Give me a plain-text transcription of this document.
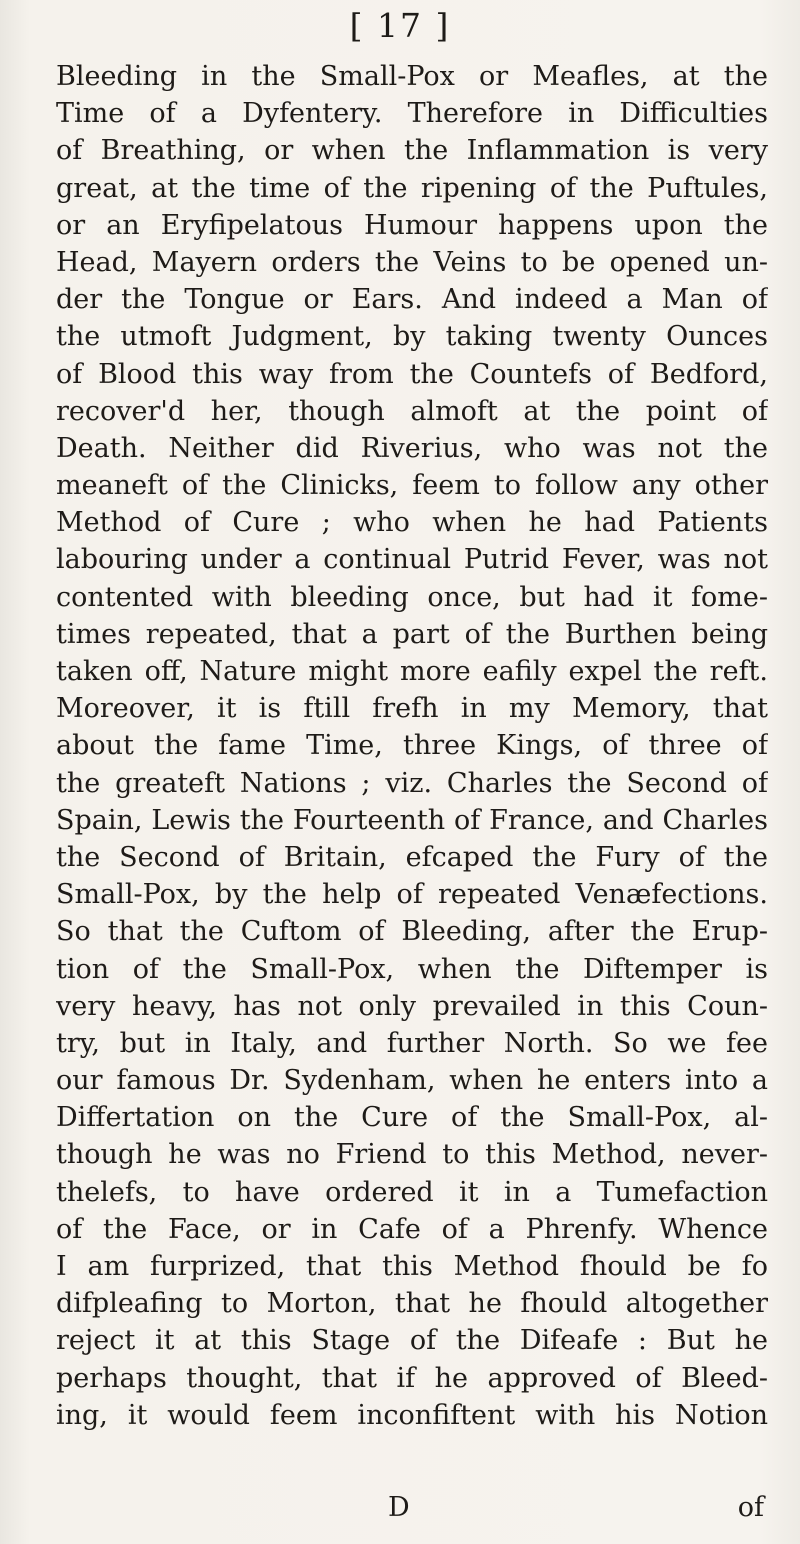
[ 17 ]
Bleeding in the Small-Pox or Meafles, at the
Time of a Dyfentery. Therefore in Difficulties
of Breathing, or when the Inflammation is very
great, at the time of the ripening of the Puftules,
or an Eryfipelatous Humour happens upon the
Head, Mayern orders the Veins to be opened un-
der the Tongue or Ears. And indeed a Man of
the utmoft Judgment, by taking twenty Ounces
of Blood this way from the Countefs of Bedford,
recover'd her, though almoft at the point of
Death. Neither did Riverius, who was not the
meaneft of the Clinicks, feem to follow any other
Method of Cure ; who when he had Patients
labouring under a continual Putrid Fever, was not
contented with bleeding once, but had it fome-
times repeated, that a part of the Burthen being
taken off, Nature might more eafily expel the reft.
Moreover, it is ftill frefh in my Memory, that
about the fame Time, three Kings, of three of
the greateft Nations ; viz. Charles the Second of
Spain, Lewis the Fourteenth of France, and Charles
the Second of Britain, efcaped the Fury of the
Small-Pox, by the help of repeated Venæfections.
So that the Cuftom of Bleeding, after the Erup-
tion of the Small-Pox, when the Diftemper is
very heavy, has not only prevailed in this Coun-
try, but in Italy, and further North. So we fee
our famous Dr. Sydenham, when he enters into a
Differtation on the Cure of the Small-Pox, al-
though he was no Friend to this Method, never-
thelefs, to have ordered it in a Tumefaction
of the Face, or in Cafe of a Phrenfy. Whence
I am furprized, that this Method fhould be fo
difpleafing to Morton, that he fhould altogether
reject it at this Stage of the Difeafe : But he
perhaps thought, that if he approved of Bleed-
ing, it would feem inconfiftent with his Notion
D	of
